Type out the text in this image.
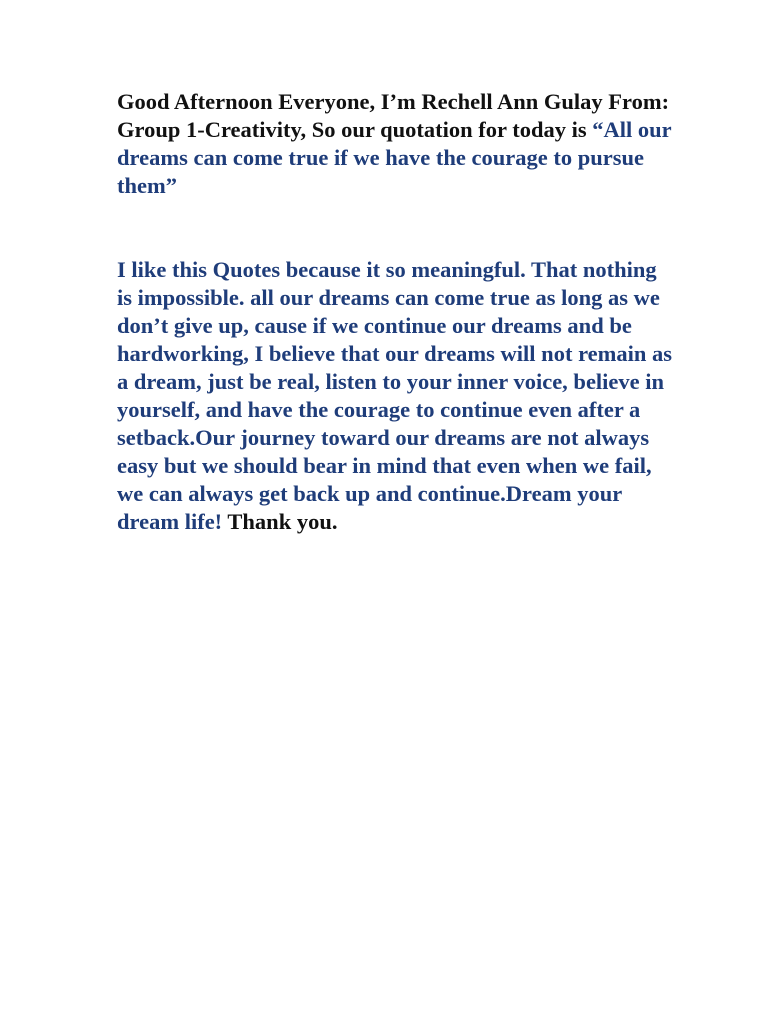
Good Afternoon Everyone, I’m Rechell Ann Gulay From: Group 1-Creativity, So our quotation for today is “All our dreams can come true if we have the courage to pursue them”

I like this Quotes because it so meaningful. That nothing is impossible. all our dreams can come true as long as we don’t give up, cause if we continue our dreams and be hardworking, I believe that our dreams will not remain as a dream, just be real, listen to your inner voice, believe in yourself, and have the courage to continue even after a setback.Our journey toward our dreams are not always easy but we should bear in mind that even when we fail, we can always get back up and continue.Dream your dream life! Thank you.
